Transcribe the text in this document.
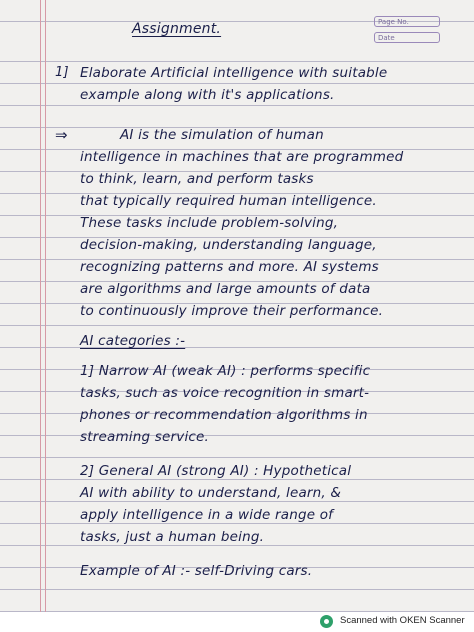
Page No.
Date
Assignment.
1] Elaborate Artificial intelligence with suitable
example along with it's applications.
⇒	AI is the simulation of human
intelligence in machines that are programmed
to think, learn, and perform tasks
that typically required human intelligence.
These tasks include problem-solving,
decision-making, understanding language,
recognizing patterns and more. AI systems
are algorithms and large amounts of data
to continuously improve their performance.
AI categories :-
1] Narrow AI (weak AI) : performs specific
tasks, such as voice recognition in smart-
phones or recommendation algorithms in
streaming service.
2] General AI (strong AI) : Hypothetical
AI with ability to understand, learn, &
apply intelligence in a wide range of
tasks, just a human being.
Example of AI :- self-Driving cars.
Scanned with OKEN Scanner
